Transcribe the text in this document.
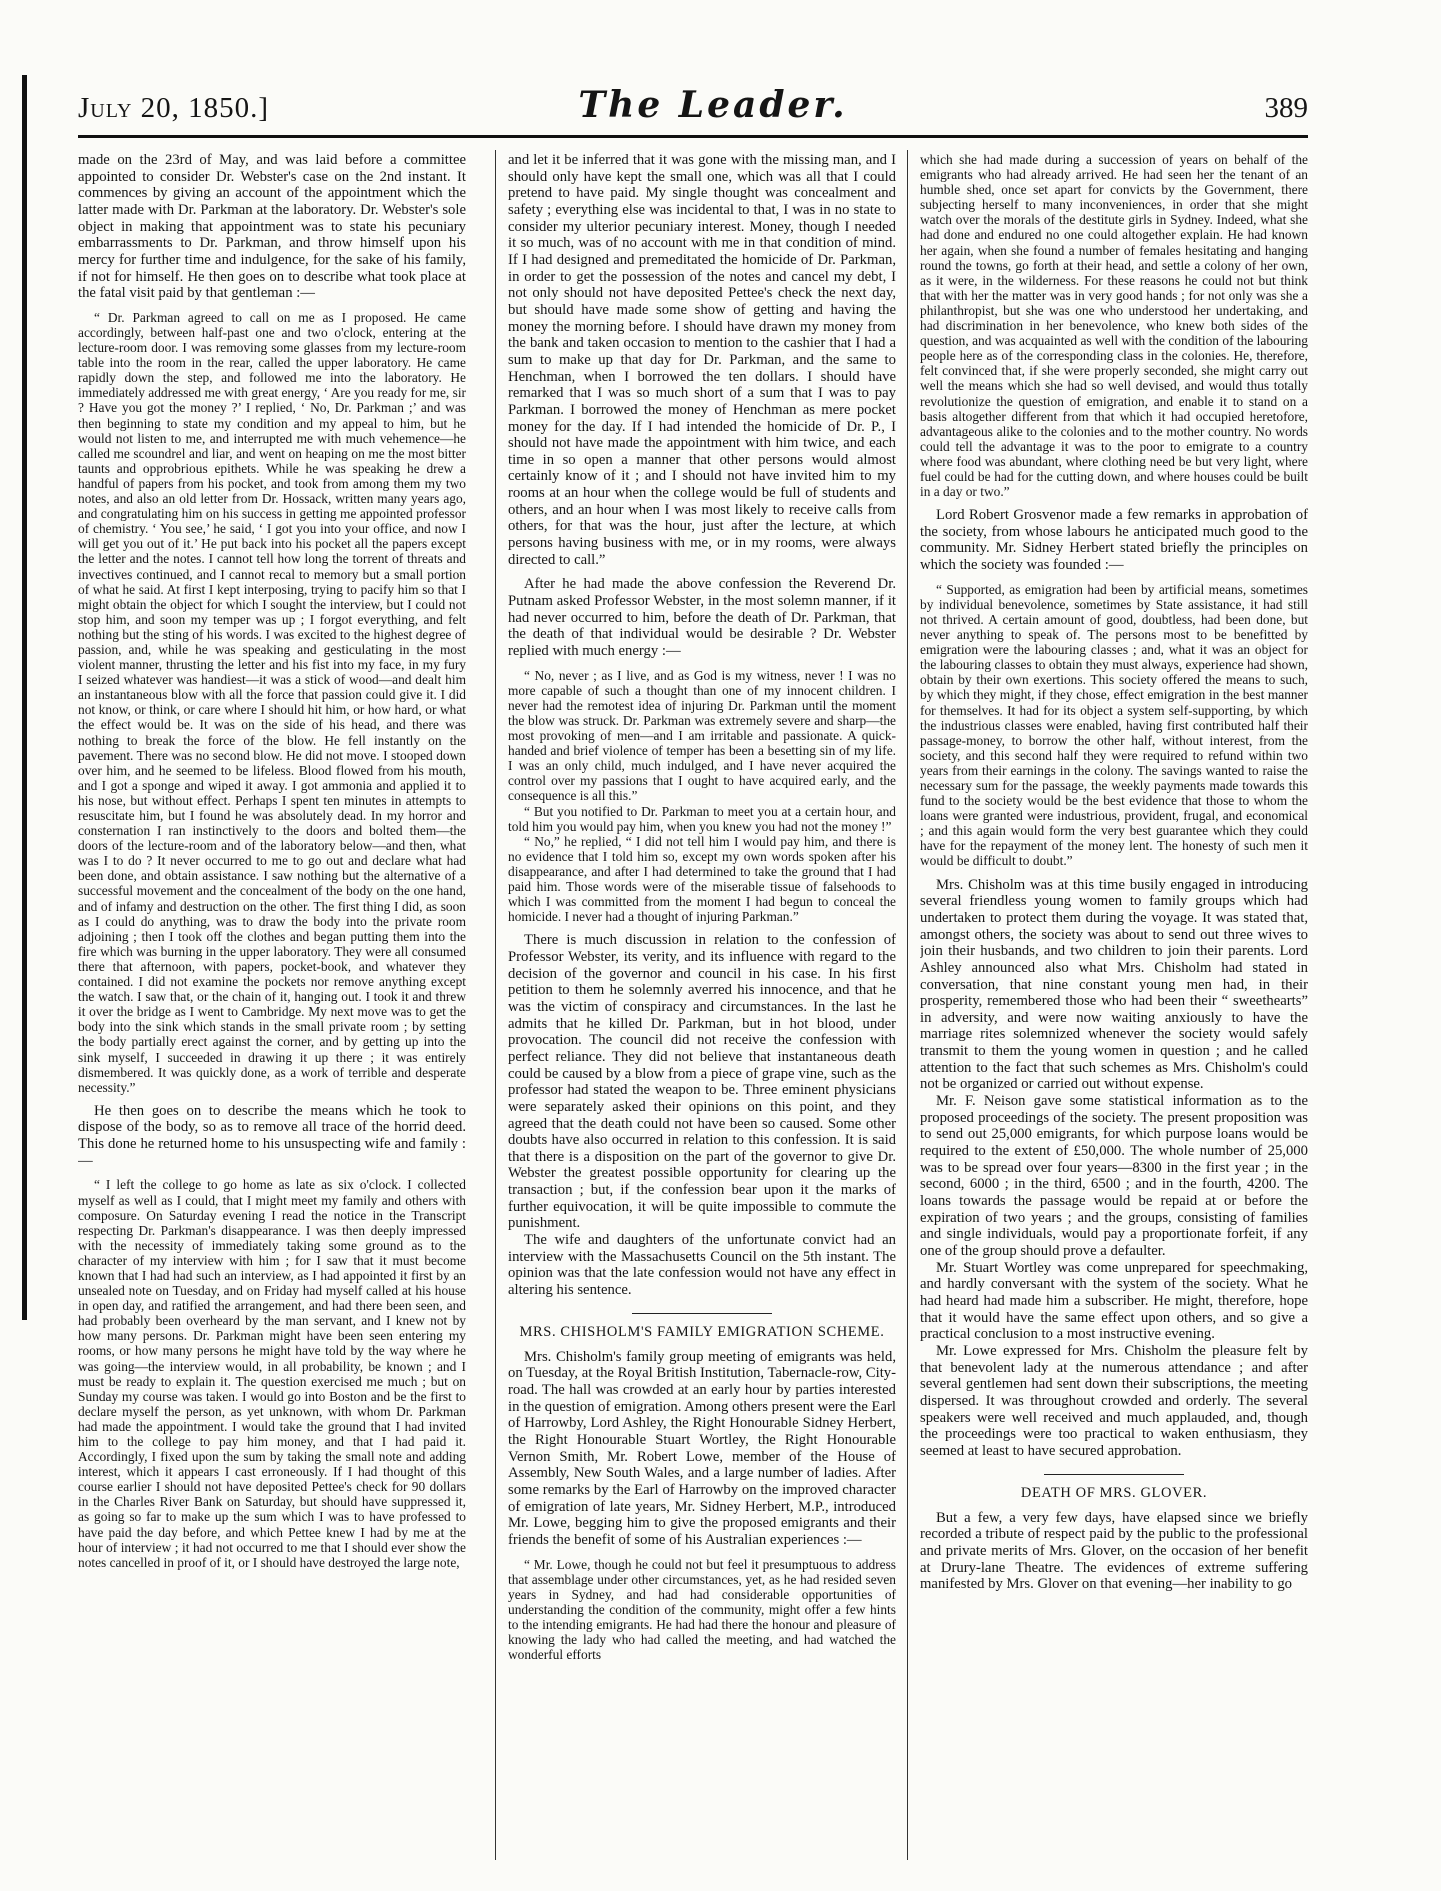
July 20, 1850.]	The Leader.	389

made on the 23rd of May, and was laid before a committee appointed to consider Dr. Webster's case on the 2nd instant. It commences by giving an account of the appointment which the latter made with Dr. Parkman at the laboratory. Dr. Webster's sole object in making that appointment was to state his pecuniary embarrassments to Dr. Parkman, and throw himself upon his mercy for further time and indulgence, for the sake of his family, if not for himself. He then goes on to describe what took place at the fatal visit paid by that gentleman :—

“ Dr. Parkman agreed to call on me as I proposed. He came accordingly, between half-past one and two o'clock, entering at the lecture-room door. I was removing some glasses from my lecture-room table into the room in the rear, called the upper laboratory. He came rapidly down the step, and followed me into the laboratory. He immediately addressed me with great energy, ‘ Are you ready for me, sir ? Have you got the money ?’ I replied, ‘ No, Dr. Parkman ;’ and was then beginning to state my condition and my appeal to him, but he would not listen to me, and interrupted me with much vehemence—he called me scoundrel and liar, and went on heaping on me the most bitter taunts and opprobrious epithets. While he was speaking he drew a handful of papers from his pocket, and took from among them my two notes, and also an old letter from Dr. Hossack, written many years ago, and congratulating him on his success in getting me appointed professor of chemistry. ‘ You see,’ he said, ‘ I got you into your office, and now I will get you out of it.’ He put back into his pocket all the papers except the letter and the notes. I cannot tell how long the torrent of threats and invectives continued, and I cannot recal to memory but a small portion of what he said. At first I kept interposing, trying to pacify him so that I might obtain the object for which I sought the interview, but I could not stop him, and soon my temper was up ; I forgot everything, and felt nothing but the sting of his words. I was excited to the highest degree of passion, and, while he was speaking and gesticulating in the most violent manner, thrusting the letter and his fist into my face, in my fury I seized whatever was handiest—it was a stick of wood—and dealt him an instantaneous blow with all the force that passion could give it. I did not know, or think, or care where I should hit him, or how hard, or what the effect would be. It was on the side of his head, and there was nothing to break the force of the blow. He fell instantly on the pavement. There was no second blow. He did not move. I stooped down over him, and he seemed to be lifeless. Blood flowed from his mouth, and I got a sponge and wiped it away. I got ammonia and applied it to his nose, but without effect. Perhaps I spent ten minutes in attempts to resuscitate him, but I found he was absolutely dead. In my horror and consternation I ran instinctively to the doors and bolted them—the doors of the lecture-room and of the laboratory below—and then, what was I to do ? It never occurred to me to go out and declare what had been done, and obtain assistance. I saw nothing but the alternative of a successful movement and the concealment of the body on the one hand, and of infamy and destruction on the other. The first thing I did, as soon as I could do anything, was to draw the body into the private room adjoining ; then I took off the clothes and began putting them into the fire which was burning in the upper laboratory. They were all consumed there that afternoon, with papers, pocket-book, and whatever they contained. I did not examine the pockets nor remove anything except the watch. I saw that, or the chain of it, hanging out. I took it and threw it over the bridge as I went to Cambridge. My next move was to get the body into the sink which stands in the small private room ; by setting the body partially erect against the corner, and by getting up into the sink myself, I succeeded in drawing it up there ; it was entirely dismembered. It was quickly done, as a work of terrible and desperate necessity.”

He then goes on to describe the means which he took to dispose of the body, so as to remove all trace of the horrid deed. This done he returned home to his unsuspecting wife and family :—

“ I left the college to go home as late as six o'clock. I collected myself as well as I could, that I might meet my family and others with composure. On Saturday evening I read the notice in the Transcript respecting Dr. Parkman's disappearance. I was then deeply impressed with the necessity of immediately taking some ground as to the character of my interview with him ; for I saw that it must become known that I had had such an interview, as I had appointed it first by an unsealed note on Tuesday, and on Friday had myself called at his house in open day, and ratified the arrangement, and had there been seen, and had probably been overheard by the man servant, and I knew not by how many persons. Dr. Parkman might have been seen entering my rooms, or how many persons he might have told by the way where he was going—the interview would, in all probability, be known ; and I must be ready to explain it. The question exercised me much ; but on Sunday my course was taken. I would go into Boston and be the first to declare myself the person, as yet unknown, with whom Dr. Parkman had made the appointment. I would take the ground that I had invited him to the college to pay him money, and that I had paid it. Accordingly, I fixed upon the sum by taking the small note and adding interest, which it appears I cast erroneously. If I had thought of this course earlier I should not have deposited Pettee's check for 90 dollars in the Charles River Bank on Saturday, but should have suppressed it, as going so far to make up the sum which I was to have professed to have paid the day before, and which Pettee knew I had by me at the hour of interview ; it had not occurred to me that I should ever show the notes cancelled in proof of it, or I should have destroyed the large note,

and let it be inferred that it was gone with the missing man, and I should only have kept the small one, which was all that I could pretend to have paid. My single thought was concealment and safety ; everything else was incidental to that, I was in no state to consider my ulterior pecuniary interest. Money, though I needed it so much, was of no account with me in that condition of mind. If I had designed and premeditated the homicide of Dr. Parkman, in order to get the possession of the notes and cancel my debt, I not only should not have deposited Pettee's check the next day, but should have made some show of getting and having the money the morning before. I should have drawn my money from the bank and taken occasion to mention to the cashier that I had a sum to make up that day for Dr. Parkman, and the same to Henchman, when I borrowed the ten dollars. I should have remarked that I was so much short of a sum that I was to pay Parkman. I borrowed the money of Henchman as mere pocket money for the day. If I had intended the homicide of Dr. P., I should not have made the appointment with him twice, and each time in so open a manner that other persons would almost certainly know of it ; and I should not have invited him to my rooms at an hour when the college would be full of students and others, and an hour when I was most likely to receive calls from others, for that was the hour, just after the lecture, at which persons having business with me, or in my rooms, were always directed to call.”

After he had made the above confession the Reverend Dr. Putnam asked Professor Webster, in the most solemn manner, if it had never occurred to him, before the death of Dr. Parkman, that the death of that individual would be desirable ? Dr. Webster replied with much energy :—

“ No, never ; as I live, and as God is my witness, never ! I was no more capable of such a thought than one of my innocent children. I never had the remotest idea of injuring Dr. Parkman until the moment the blow was struck. Dr. Parkman was extremely severe and sharp—the most provoking of men—and I am irritable and passionate. A quick-handed and brief violence of temper has been a besetting sin of my life. I was an only child, much indulged, and I have never acquired the control over my passions that I ought to have acquired early, and the consequence is all this.”

“ But you notified to Dr. Parkman to meet you at a certain hour, and told him you would pay him, when you knew you had not the money !”

“ No,” he replied, “ I did not tell him I would pay him, and there is no evidence that I told him so, except my own words spoken after his disappearance, and after I had determined to take the ground that I had paid him. Those words were of the miserable tissue of falsehoods to which I was committed from the moment I had begun to conceal the homicide. I never had a thought of injuring Parkman.”

There is much discussion in relation to the confession of Professor Webster, its verity, and its influence with regard to the decision of the governor and council in his case. In his first petition to them he solemnly averred his innocence, and that he was the victim of conspiracy and circumstances. In the last he admits that he killed Dr. Parkman, but in hot blood, under provocation. The council did not receive the confession with perfect reliance. They did not believe that instantaneous death could be caused by a blow from a piece of grape vine, such as the professor had stated the weapon to be. Three eminent physicians were separately asked their opinions on this point, and they agreed that the death could not have been so caused. Some other doubts have also occurred in relation to this confession. It is said that there is a disposition on the part of the governor to give Dr. Webster the greatest possible opportunity for clearing up the transaction ; but, if the confession bear upon it the marks of further equivocation, it will be quite impossible to commute the punishment.

The wife and daughters of the unfortunate convict had an interview with the Massachusetts Council on the 5th instant. The opinion was that the late confession would not have any effect in altering his sentence.

MRS. CHISHOLM'S FAMILY EMIGRATION SCHEME.

Mrs. Chisholm's family group meeting of emigrants was held, on Tuesday, at the Royal British Institution, Tabernacle-row, City-road. The hall was crowded at an early hour by parties interested in the question of emigration. Among others present were the Earl of Harrowby, Lord Ashley, the Right Honourable Sidney Herbert, the Right Honourable Stuart Wortley, the Right Honourable Vernon Smith, Mr. Robert Lowe, member of the House of Assembly, New South Wales, and a large number of ladies. After some remarks by the Earl of Harrowby on the improved character of emigration of late years, Mr. Sidney Herbert, M.P., introduced Mr. Lowe, begging him to give the proposed emigrants and their friends the benefit of some of his Australian experiences :—

“ Mr. Lowe, though he could not but feel it presumptuous to address that assemblage under other circumstances, yet, as he had resided seven years in Sydney, and had had considerable opportunities of understanding the condition of the community, might offer a few hints to the intending emigrants. He had had there the honour and pleasure of knowing the lady who had called the meeting, and had watched the wonderful efforts

which she had made during a succession of years on behalf of the emigrants who had already arrived. He had seen her the tenant of an humble shed, once set apart for convicts by the Government, there subjecting herself to many inconveniences, in order that she might watch over the morals of the destitute girls in Sydney. Indeed, what she had done and endured no one could altogether explain. He had known her again, when she found a number of females hesitating and hanging round the towns, go forth at their head, and settle a colony of her own, as it were, in the wilderness. For these reasons he could not but think that with her the matter was in very good hands ; for not only was she a philanthropist, but she was one who understood her undertaking, and had discrimination in her benevolence, who knew both sides of the question, and was acquainted as well with the condition of the labouring people here as of the corresponding class in the colonies. He, therefore, felt convinced that, if she were properly seconded, she might carry out well the means which she had so well devised, and would thus totally revolutionize the question of emigration, and enable it to stand on a basis altogether different from that which it had occupied heretofore, advantageous alike to the colonies and to the mother country. No words could tell the advantage it was to the poor to emigrate to a country where food was abundant, where clothing need be but very light, where fuel could be had for the cutting down, and where houses could be built in a day or two.”

Lord Robert Grosvenor made a few remarks in approbation of the society, from whose labours he anticipated much good to the community. Mr. Sidney Herbert stated briefly the principles on which the society was founded :—

“ Supported, as emigration had been by artificial means, sometimes by individual benevolence, sometimes by State assistance, it had still not thrived. A certain amount of good, doubtless, had been done, but never anything to speak of. The persons most to be benefitted by emigration were the labouring classes ; and, what it was an object for the labouring classes to obtain they must always, experience had shown, obtain by their own exertions. This society offered the means to such, by which they might, if they chose, effect emigration in the best manner for themselves. It had for its object a system self-supporting, by which the industrious classes were enabled, having first contributed half their passage-money, to borrow the other half, without interest, from the society, and this second half they were required to refund within two years from their earnings in the colony. The savings wanted to raise the necessary sum for the passage, the weekly payments made towards this fund to the society would be the best evidence that those to whom the loans were granted were industrious, provident, frugal, and economical ; and this again would form the very best guarantee which they could have for the repayment of the money lent. The honesty of such men it would be difficult to doubt.”

Mrs. Chisholm was at this time busily engaged in introducing several friendless young women to family groups which had undertaken to protect them during the voyage. It was stated that, amongst others, the society was about to send out three wives to join their husbands, and two children to join their parents. Lord Ashley announced also what Mrs. Chisholm had stated in conversation, that nine constant young men had, in their prosperity, remembered those who had been their “ sweethearts” in adversity, and were now waiting anxiously to have the marriage rites solemnized whenever the society would safely transmit to them the young women in question ; and he called attention to the fact that such schemes as Mrs. Chisholm's could not be organized or carried out without expense.

Mr. F. Neison gave some statistical information as to the proposed proceedings of the society. The present proposition was to send out 25,000 emigrants, for which purpose loans would be required to the extent of £50,000. The whole number of 25,000 was to be spread over four years—8300 in the first year ; in the second, 6000 ; in the third, 6500 ; and in the fourth, 4200. The loans towards the passage would be repaid at or before the expiration of two years ; and the groups, consisting of families and single individuals, would pay a proportionate forfeit, if any one of the group should prove a defaulter.

Mr. Stuart Wortley was come unprepared for speechmaking, and hardly conversant with the system of the society. What he had heard had made him a subscriber. He might, therefore, hope that it would have the same effect upon others, and so give a practical conclusion to a most instructive evening.

Mr. Lowe expressed for Mrs. Chisholm the pleasure felt by that benevolent lady at the numerous attendance ; and after several gentlemen had sent down their subscriptions, the meeting dispersed. It was throughout crowded and orderly. The several speakers were well received and much applauded, and, though the proceedings were too practical to waken enthusiasm, they seemed at least to have secured approbation.

DEATH OF MRS. GLOVER.

But a few, a very few days, have elapsed since we briefly recorded a tribute of respect paid by the public to the professional and private merits of Mrs. Glover, on the occasion of her benefit at Drury-lane Theatre. The evidences of extreme suffering manifested by Mrs. Glover on that evening—her inability to go
